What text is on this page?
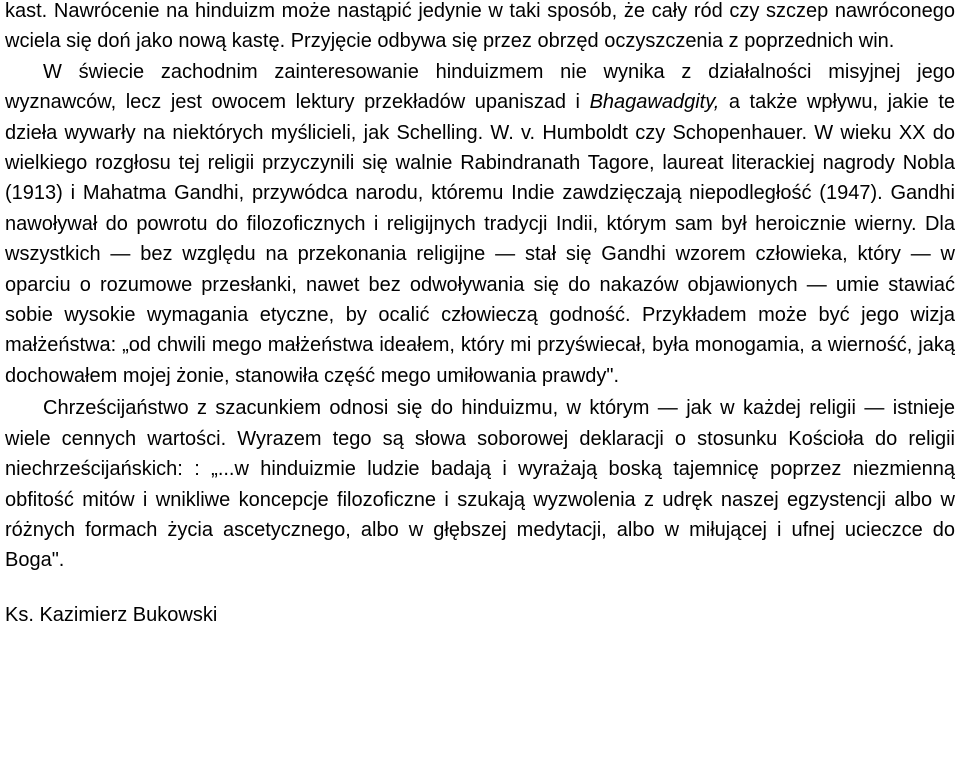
kast. Nawrócenie na hinduizm może nastąpić jedynie w taki sposób, że cały ród czy szczep nawróconego wciela się doń jako nową kastę. Przyjęcie odbywa się przez obrzęd oczyszczenia z poprzednich win.

W świecie zachodnim zainteresowanie hinduizmem nie wynika z działalności misyjnej jego wyznawców, lecz jest owocem lektury przekładów upaniszad i Bhagawadgity, a także wpływu, jakie te dzieła wywarły na niektórych myślicieli, jak Schelling. W. v. Humboldt czy Schopenhauer. W wieku XX do wielkiego rozgłosu tej religii przyczynili się walnie Rabindranath Tagore, laureat literackiej nagrody Nobla (1913) i Mahatma Gandhi, przywódca narodu, któremu Indie zawdzięczają niepodległość (1947). Gandhi nawoływał do powrotu do filozoficznych i religijnych tradycji Indii, którym sam był heroicznie wierny. Dla wszystkich — bez względu na przekonania religijne — stał się Gandhi wzorem człowieka, który — w oparciu o rozumowe przesłanki, nawet bez odwoływania się do nakazów objawionych — umie stawiać sobie wysokie wymagania etyczne, by ocalić człowieczą godność. Przykładem może być jego wizja małżeństwa: „od chwili mego małżeństwa ideałem, który mi przyświecał, była monogamia, a wierność, jaką dochowałem mojej żonie, stanowiła część mego umiłowania prawdy".

Chrześcijaństwo z szacunkiem odnosi się do hinduizmu, w którym — jak w każdej religii — istnieje wiele cennych wartości. Wyrazem tego są słowa soborowej deklaracji o stosunku Kościoła do religii niechrześcijańskich: : „...w hinduizmie ludzie badają i wyrażają boską tajemnicę poprzez niezmienną obfitość mitów i wnikliwe koncepcje filozoficzne i szukają wyzwolenia z udręk naszej egzystencji albo w różnych formach życia ascetycznego, albo w głębszej medytacji, albo w miłującej i ufnej ucieczce do Boga".

Ks. Kazimierz Bukowski
